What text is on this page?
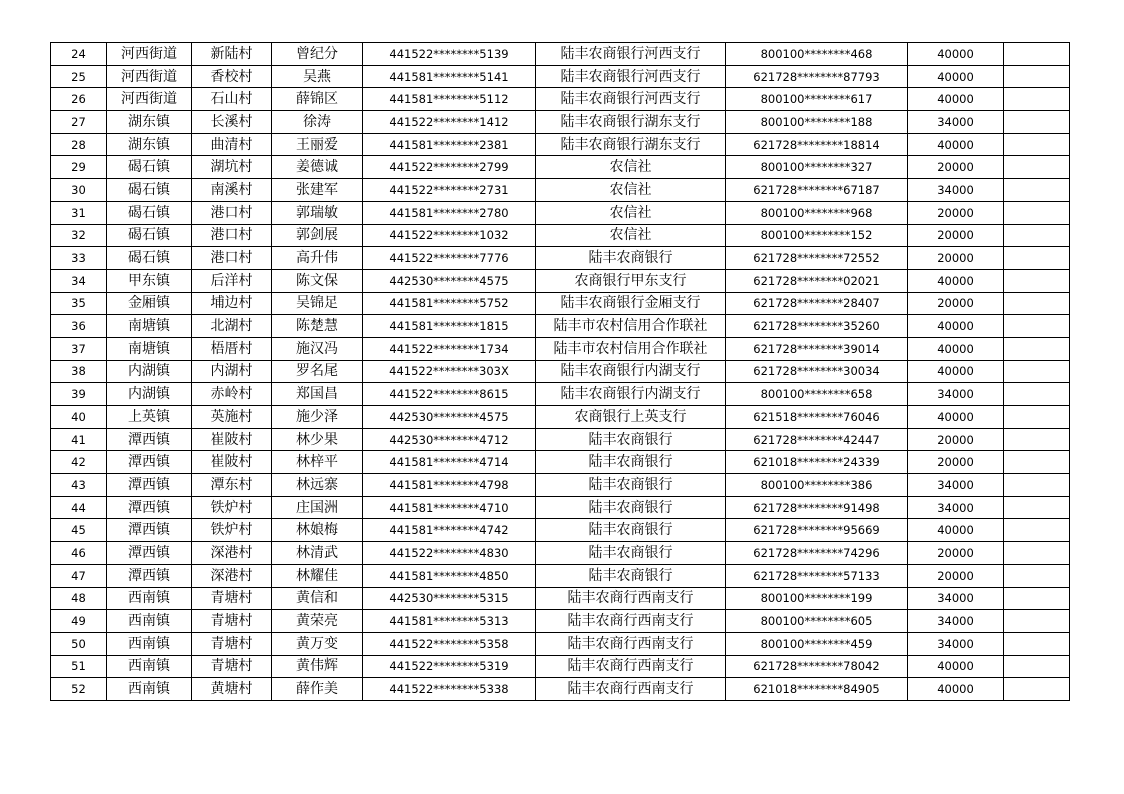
24	河西街道	新陆村	曾纪分	441522********5139	陆丰农商银行河西支行	800100********468	40000	
25	河西街道	香校村	吴燕	441581********5141	陆丰农商银行河西支行	621728********87793	40000	
26	河西街道	石山村	薛锦区	441581********5112	陆丰农商银行河西支行	800100********617	40000	
27	湖东镇	长溪村	徐涛	441522********1412	陆丰农商银行湖东支行	800100********188	34000	
28	湖东镇	曲清村	王丽爱	441581********2381	陆丰农商银行湖东支行	621728********18814	40000	
29	碣石镇	湖坑村	姜德诚	441522********2799	农信社	800100********327	20000	
30	碣石镇	南溪村	张建军	441522********2731	农信社	621728********67187	34000	
31	碣石镇	港口村	郭瑞敏	441581********2780	农信社	800100********968	20000	
32	碣石镇	港口村	郭剑展	441522********1032	农信社	800100********152	20000	
33	碣石镇	港口村	高升伟	441522********7776	陆丰农商银行	621728********72552	20000	
34	甲东镇	后洋村	陈文保	442530********4575	农商银行甲东支行	621728********02021	40000	
35	金厢镇	埔边村	吴锦足	441581********5752	陆丰农商银行金厢支行	621728********28407	20000	
36	南塘镇	北湖村	陈楚慧	441581********1815	陆丰市农村信用合作联社	621728********35260	40000	
37	南塘镇	梧厝村	施汉冯	441522********1734	陆丰市农村信用合作联社	621728********39014	40000	
38	内湖镇	内湖村	罗名尾	441522********303X	陆丰农商银行内湖支行	621728********30034	40000	
39	内湖镇	赤岭村	郑国昌	441522********8615	陆丰农商银行内湖支行	800100********658	34000	
40	上英镇	英施村	施少泽	442530********4575	农商银行上英支行	621518********76046	40000	
41	潭西镇	崔陂村	林少果	442530********4712	陆丰农商银行	621728********42447	20000	
42	潭西镇	崔陂村	林梓平	441581********4714	陆丰农商银行	621018********24339	20000	
43	潭西镇	潭东村	林远寨	441581********4798	陆丰农商银行	800100********386	34000	
44	潭西镇	铁炉村	庄国洲	441581********4710	陆丰农商银行	621728********91498	34000	
45	潭西镇	铁炉村	林娘梅	441581********4742	陆丰农商银行	621728********95669	40000	
46	潭西镇	深港村	林清武	441522********4830	陆丰农商银行	621728********74296	20000	
47	潭西镇	深港村	林耀佳	441581********4850	陆丰农商银行	621728********57133	20000	
48	西南镇	青塘村	黄信和	442530********5315	陆丰农商行西南支行	800100********199	34000	
49	西南镇	青塘村	黄荣亮	441581********5313	陆丰农商行西南支行	800100********605	34000	
50	西南镇	青塘村	黄万变	441522********5358	陆丰农商行西南支行	800100********459	34000	
51	西南镇	青塘村	黄伟辉	441522********5319	陆丰农商行西南支行	621728********78042	40000	
52	西南镇	黄塘村	薛作美	441522********5338	陆丰农商行西南支行	621018********84905	40000	
